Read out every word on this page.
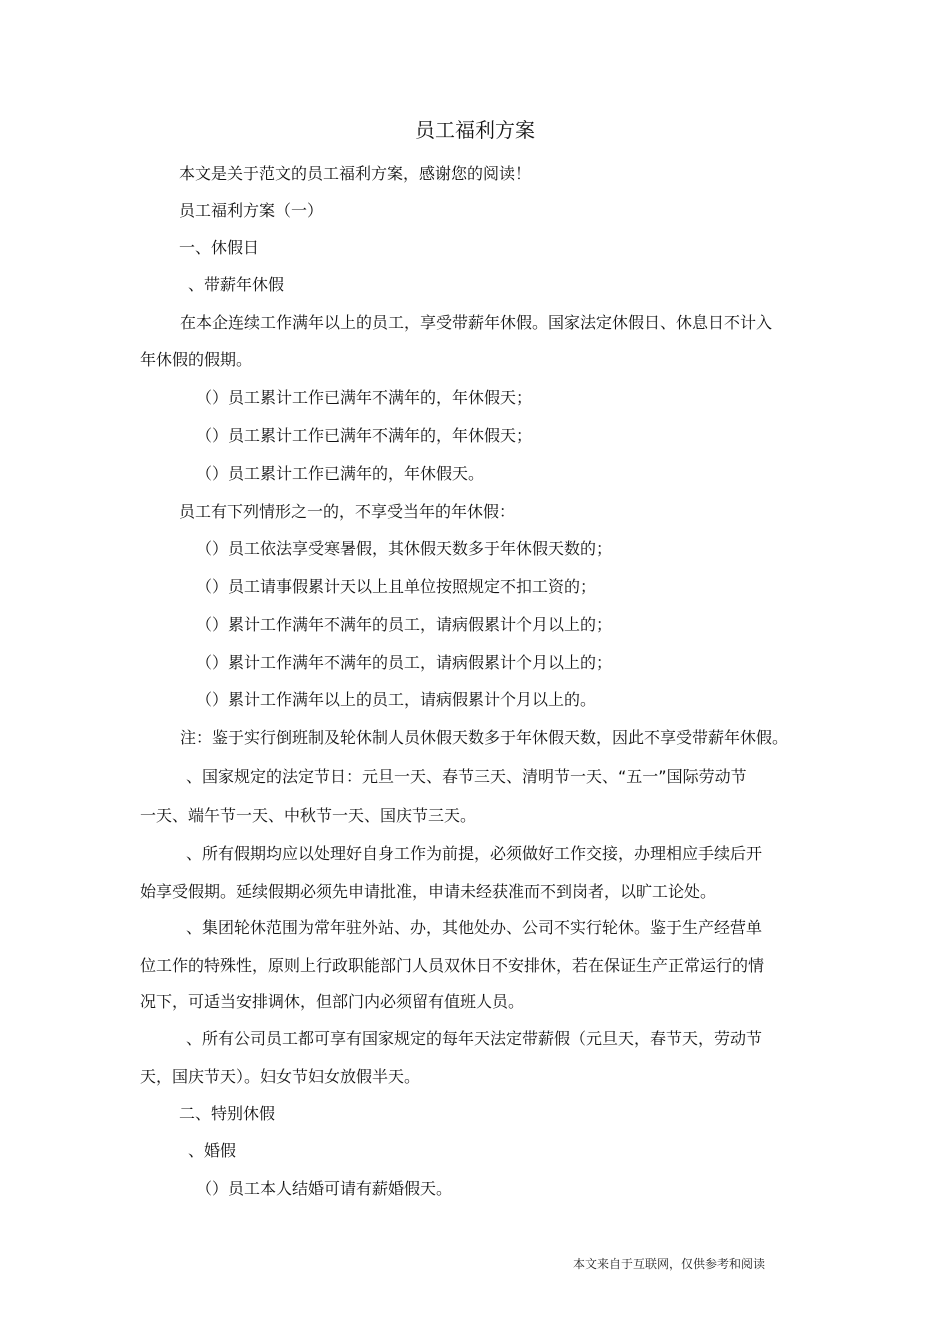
员工福利方案
本文是关于范文的员工福利方案，感谢您的阅读！
员工福利方案（一）
一、休假日
、带薪年休假
在本企连续工作满年以上的员工，享受带薪年休假。国家法定休假日、休息日不计入
年休假的假期。
（）员工累计工作已满年不满年的，年休假天；
（）员工累计工作已满年不满年的，年休假天；
（）员工累计工作已满年的，年休假天。
员工有下列情形之一的，不享受当年的年休假：
（）员工依法享受寒暑假，其休假天数多于年休假天数的；
（）员工请事假累计天以上且单位按照规定不扣工资的；
（）累计工作满年不满年的员工，请病假累计个月以上的；
（）累计工作满年不满年的员工，请病假累计个月以上的；
（）累计工作满年以上的员工，请病假累计个月以上的。
注：鉴于实行倒班制及轮休制人员休假天数多于年休假天数，因此不享受带薪年休假。
、国家规定的法定节日：元旦一天、春节三天、清明节一天、“五一”国际劳动节
一天、端午节一天、中秋节一天、国庆节三天。
、所有假期均应以处理好自身工作为前提，必须做好工作交接，办理相应手续后开
始享受假期。延续假期必须先申请批准，申请未经获准而不到岗者，以旷工论处。
、集团轮休范围为常年驻外站、办，其他处办、公司不实行轮休。鉴于生产经营单
位工作的特殊性，原则上行政职能部门人员双休日不安排休，若在保证生产正常运行的情
况下，可适当安排调休，但部门内必须留有值班人员。
、所有公司员工都可享有国家规定的每年天法定带薪假（元旦天，春节天，劳动节
天，国庆节天）。妇女节妇女放假半天。
二、特别休假
、婚假
（）员工本人结婚可请有薪婚假天。
本文来自于互联网，仅供参考和阅读
